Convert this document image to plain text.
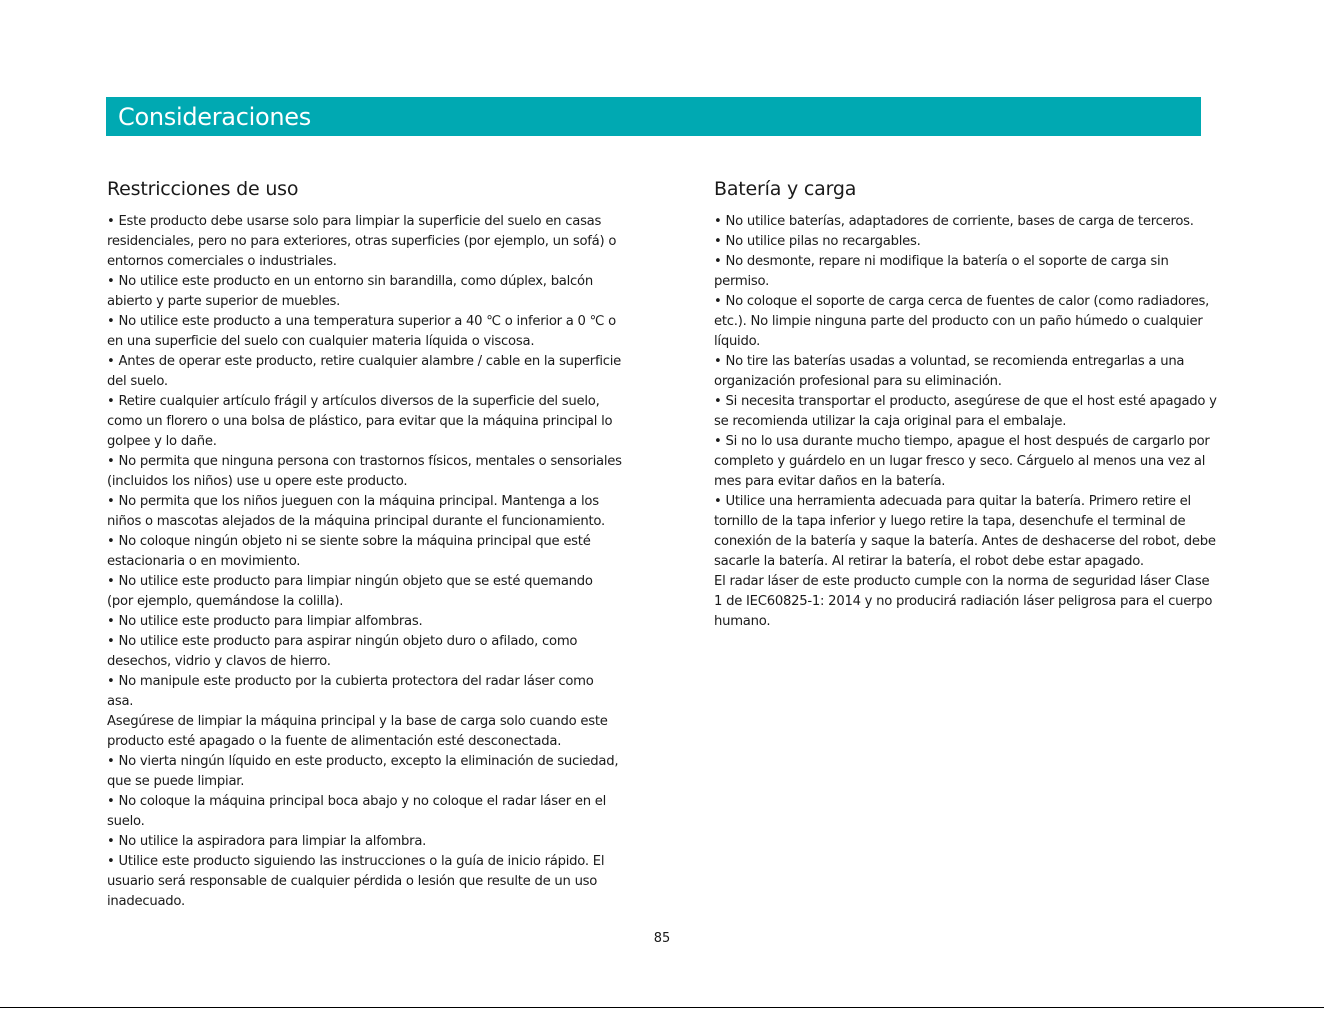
Consideraciones
Restricciones de uso

• Este producto debe usarse solo para limpiar la superficie del suelo en casas residenciales, pero no para exteriores, otras superficies (por ejemplo, un sofá) o entornos comerciales o industriales.

• No utilice este producto en un entorno sin barandilla, como dúplex, balcón abierto y parte superior de muebles.

• No utilice este producto a una temperatura superior a 40 ℃ o inferior a 0 ℃ o en una superficie del suelo con cualquier materia líquida o viscosa.

• Antes de operar este producto, retire cualquier alambre / cable en la superficie del suelo.

• Retire cualquier artículo frágil y artículos diversos de la superficie del suelo, como un florero o una bolsa de plástico, para evitar que la máquina principal lo golpee y lo dañe.

• No permita que ninguna persona con trastornos físicos, mentales o sensoriales (incluidos los niños) use u opere este producto.

• No permita que los niños jueguen con la máquina principal. Mantenga a los niños o mascotas alejados de la máquina principal durante el funcionamiento.

• No coloque ningún objeto ni se siente sobre la máquina principal que esté estacionaria o en movimiento.

• No utilice este producto para limpiar ningún objeto que se esté quemando (por ejemplo, quemándose la colilla).

• No utilice este producto para limpiar alfombras.

• No utilice este producto para aspirar ningún objeto duro o afilado, como desechos, vidrio y clavos de hierro.

• No manipule este producto por la cubierta protectora del radar láser como asa.

Asegúrese de limpiar la máquina principal y la base de carga solo cuando este producto esté apagado o la fuente de alimentación esté desconectada.

• No vierta ningún líquido en este producto, excepto la eliminación de suciedad, que se puede limpiar.

• No coloque la máquina principal boca abajo y no coloque el radar láser en el suelo.

• No utilice la aspiradora para limpiar la alfombra.

• Utilice este producto siguiendo las instrucciones o la guía de inicio rápido. El usuario será responsable de cualquier pérdida o lesión que resulte de un uso inadecuado.

Batería y carga

• No utilice baterías, adaptadores de corriente, bases de carga de terceros.

• No utilice pilas no recargables.

• No desmonte, repare ni modifique la batería o el soporte de carga sin permiso.

• No coloque el soporte de carga cerca de fuentes de calor (como radiadores, etc.). No limpie ninguna parte del producto con un paño húmedo o cualquier líquido.

• No tire las baterías usadas a voluntad, se recomienda entregarlas a una organización profesional para su eliminación.

• Si necesita transportar el producto, asegúrese de que el host esté apagado y se recomienda utilizar la caja original para el embalaje.

• Si no lo usa durante mucho tiempo, apague el host después de cargarlo por completo y guárdelo en un lugar fresco y seco. Cárguelo al menos una vez al mes para evitar daños en la batería.

• Utilice una herramienta adecuada para quitar la batería. Primero retire el tornillo de la tapa inferior y luego retire la tapa, desenchufe el terminal de conexión de la batería y saque la batería. Antes de deshacerse del robot, debe sacarle la batería. Al retirar la batería, el robot debe estar apagado.

El radar láser de este producto cumple con la norma de seguridad láser Clase 1 de IEC60825-1: 2014 y no producirá radiación láser peligrosa para el cuerpo humano.

85
